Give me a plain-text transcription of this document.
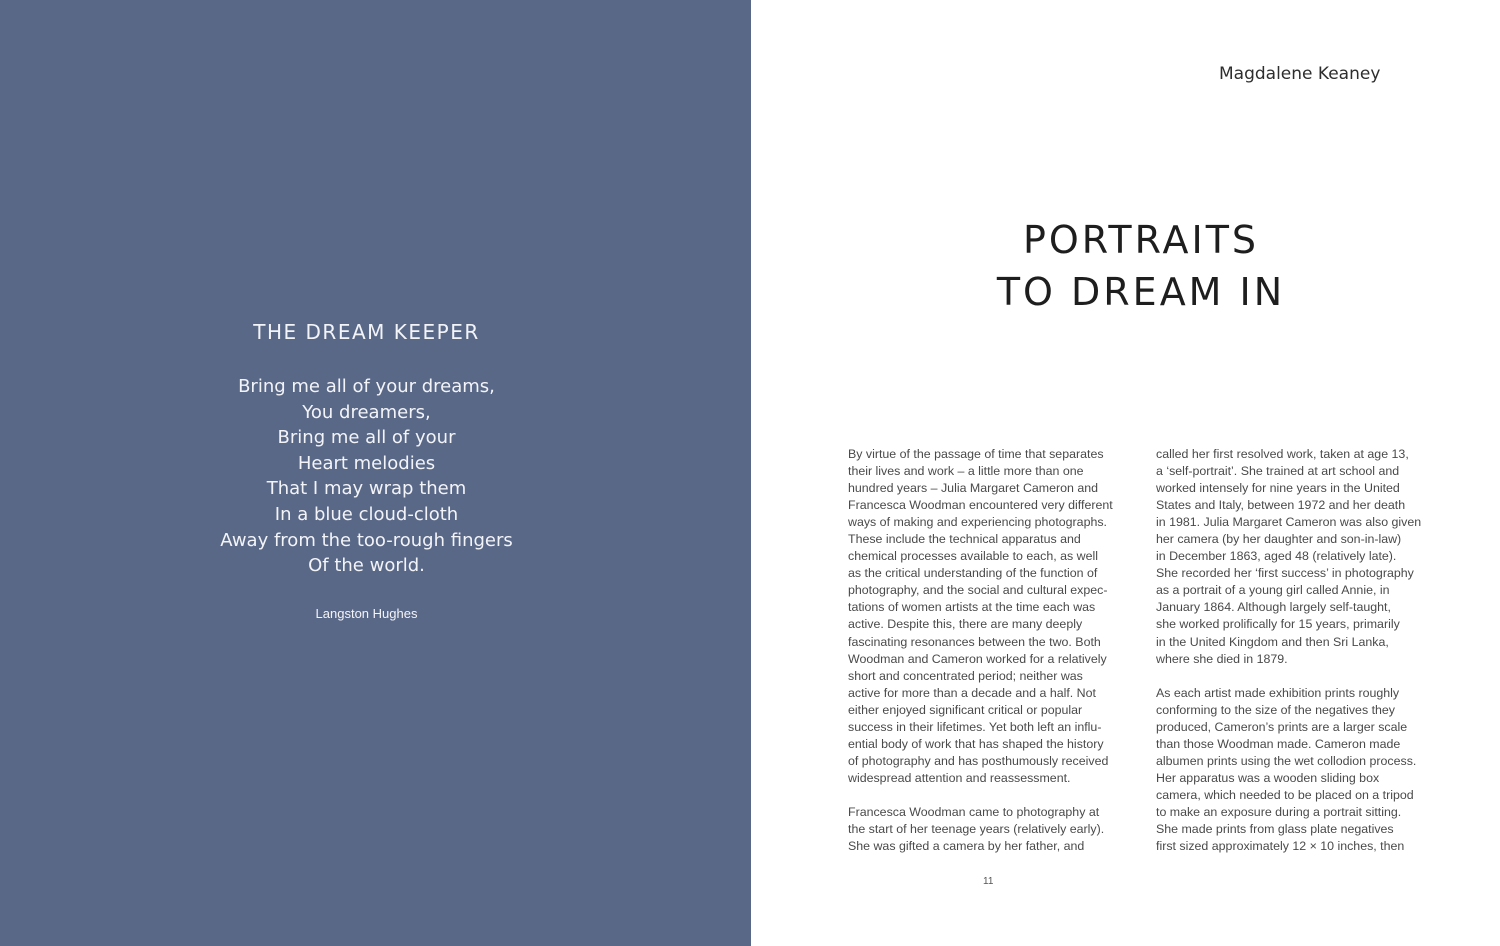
THE DREAM KEEPER
Bring me all of your dreams,
You dreamers,
Bring me all of your
Heart melodies
That I may wrap them
In a blue cloud-cloth
Away from the too-rough fingers
Of the world.
Langston Hughes
Magdalene Keaney
PORTRAITS
TO DREAM IN

By virtue of the passage of time that separates
their lives and work – a little more than one
hundred years – Julia Margaret Cameron and
Francesca Woodman encountered very different
ways of making and experiencing photographs.
These include the technical apparatus and
chemical processes available to each, as well
as the critical understanding of the function of
photography, and the social and cultural expec-
tations of women artists at the time each was
active. Despite this, there are many deeply
fascinating resonances between the two. Both
Woodman and Cameron worked for a relatively
short and concentrated period; neither was
active for more than a decade and a half. Not
either enjoyed significant critical or popular
success in their lifetimes. Yet both left an influ-
ential body of work that has shaped the history
of photography and has posthumously received
widespread attention and reassessment.

Francesca Woodman came to photography at
the start of her teenage years (relatively early).
She was gifted a camera by her father, and

called her first resolved work, taken at age 13,
a ‘self-portrait’. She trained at art school and
worked intensely for nine years in the United
States and Italy, between 1972 and her death
in 1981. Julia Margaret Cameron was also given
her camera (by her daughter and son-in-law)
in December 1863, aged 48 (relatively late).
She recorded her ‘first success’ in photography
as a portrait of a young girl called Annie, in
January 1864. Although largely self-taught,
she worked prolifically for 15 years, primarily
in the United Kingdom and then Sri Lanka,
where she died in 1879.

As each artist made exhibition prints roughly
conforming to the size of the negatives they
produced, Cameron’s prints are a larger scale
than those Woodman made. Cameron made
albumen prints using the wet collodion process.
Her apparatus was a wooden sliding box
camera, which needed to be placed on a tripod
to make an exposure during a portrait sitting.
She made prints from glass plate negatives
first sized approximately 12 × 10 inches, then

11
